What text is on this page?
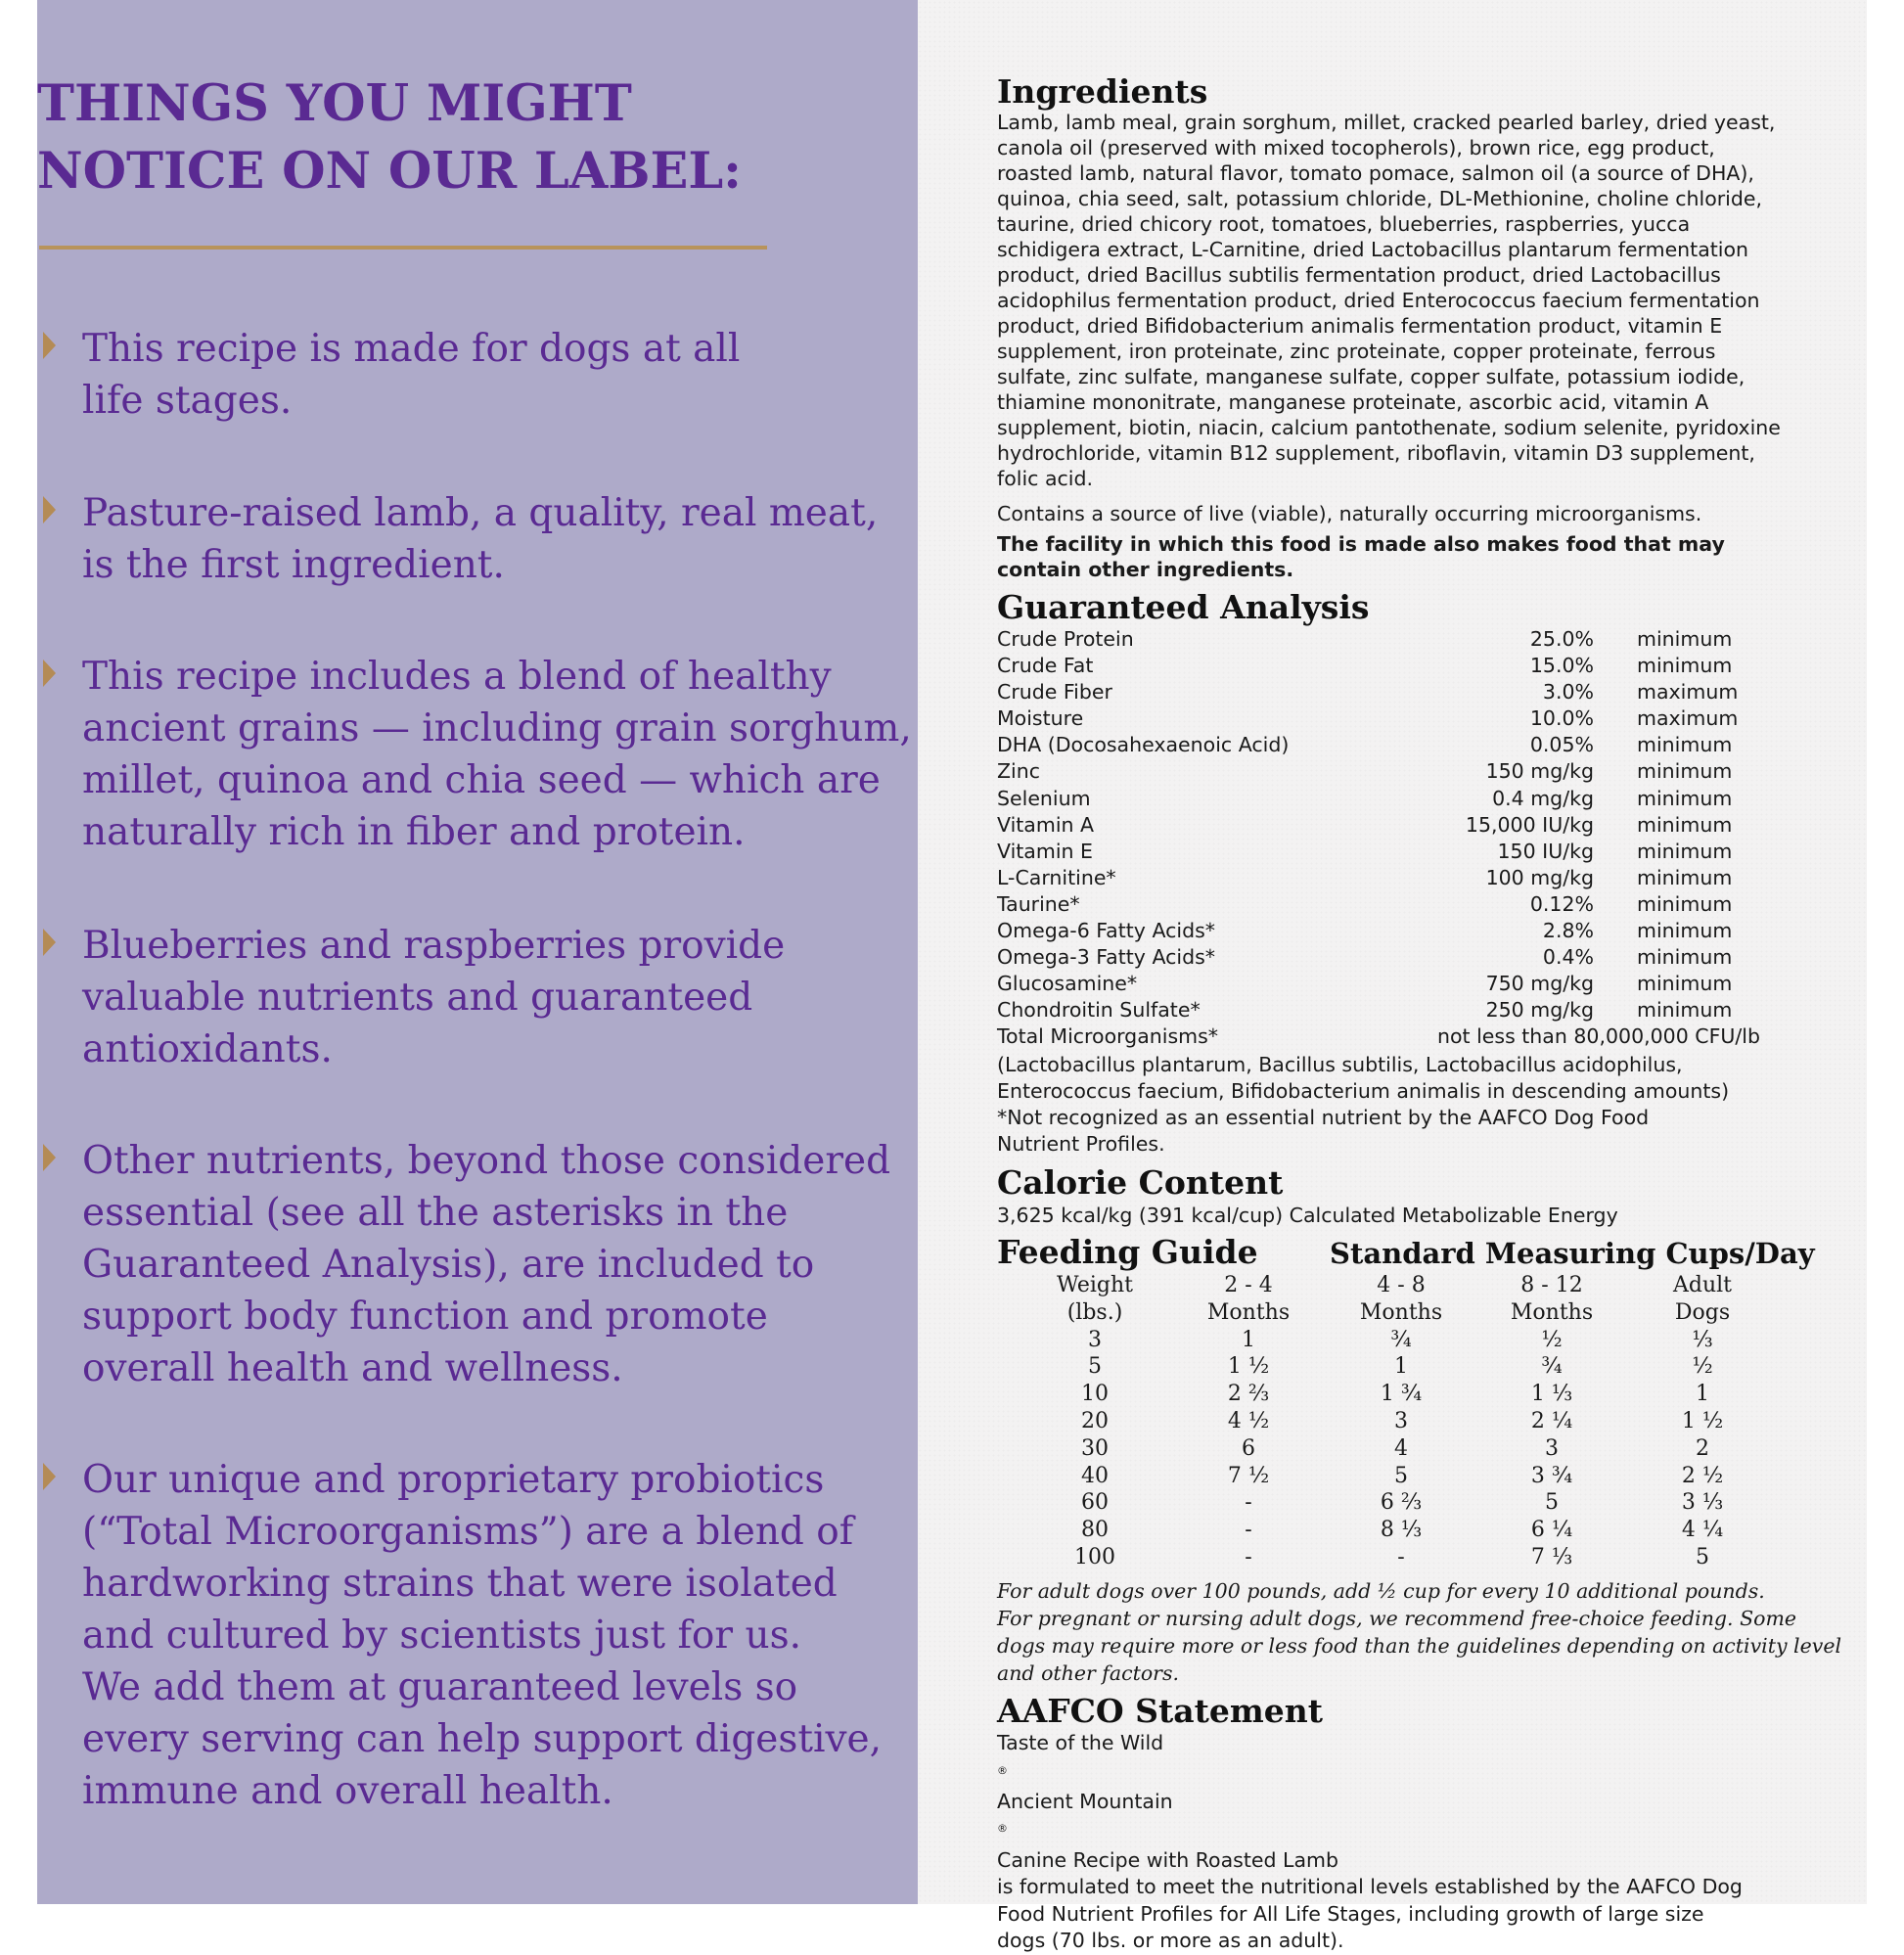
THINGS YOU MIGHT
NOTICE ON OUR LABEL:
This recipe is made for dogs at all
life stages.
Pasture-raised lamb, a quality, real meat,
is the first ingredient.
This recipe includes a blend of healthy
ancient grains — including grain sorghum,
millet, quinoa and chia seed — which are
naturally rich in fiber and protein.
Blueberries and raspberries provide
valuable nutrients and guaranteed
antioxidants.
Other nutrients, beyond those considered
essential (see all the asterisks in the
Guaranteed Analysis), are included to
support body function and promote
overall health and wellness.
Our unique and proprietary probiotics
(“Total Microorganisms”) are a blend of
hardworking strains that were isolated
and cultured by scientists just for us.
We add them at guaranteed levels so
every serving can help support digestive,
immune and overall health.
Ingredients
Lamb, lamb meal, grain sorghum, millet, cracked pearled barley, dried yeast,
canola oil (preserved with mixed tocopherols), brown rice, egg product,
roasted lamb, natural flavor, tomato pomace, salmon oil (a source of DHA),
quinoa, chia seed, salt, potassium chloride, DL-Methionine, choline chloride,
taurine, dried chicory root, tomatoes, blueberries, raspberries, yucca
schidigera extract, L-Carnitine, dried Lactobacillus plantarum fermentation
product, dried Bacillus subtilis fermentation product, dried Lactobacillus
acidophilus fermentation product, dried Enterococcus faecium fermentation
product, dried Bifidobacterium animalis fermentation product, vitamin E
supplement, iron proteinate, zinc proteinate, copper proteinate, ferrous
sulfate, zinc sulfate, manganese sulfate, copper sulfate, potassium iodide,
thiamine mononitrate, manganese proteinate, ascorbic acid, vitamin A
supplement, biotin, niacin, calcium pantothenate, sodium selenite, pyridoxine
hydrochloride, vitamin B12 supplement, riboflavin, vitamin D3 supplement,
folic acid.
Contains a source of live (viable), naturally occurring microorganisms.
The facility in which this food is made also makes food that may
contain other ingredients.
Guaranteed Analysis
Crude Protein	25.0% minimum
Crude Fat	15.0% minimum
Crude Fiber	3.0% maximum
Moisture	10.0% maximum
DHA (Docosahexaenoic Acid)	0.05% minimum
Zinc	150 mg/kg minimum
Selenium	0.4 mg/kg minimum
Vitamin A	15,000 IU/kg minimum
Vitamin E	150 IU/kg minimum
L-Carnitine*	100 mg/kg minimum
Taurine*	0.12% minimum
Omega-6 Fatty Acids*	2.8% minimum
Omega-3 Fatty Acids*	0.4% minimum
Glucosamine*	750 mg/kg minimum
Chondroitin Sulfate*	250 mg/kg minimum
Total Microorganisms*	not less than 80,000,000 CFU/lb
(Lactobacillus plantarum, Bacillus subtilis, Lactobacillus acidophilus,
Enterococcus faecium, Bifidobacterium animalis in descending amounts)
*Not recognized as an essential nutrient by the AAFCO Dog Food
Nutrient Profiles.
Calorie Content
3,625 kcal/kg (391 kcal/cup) Calculated Metabolizable Energy
Feeding Guide	Standard Measuring Cups/Day
Weight	2 - 4	4 - 8	8 - 12	Adult
(lbs.)	Months	Months	Months	Dogs
3	1	¾	½	⅓
5	1 ½	1	¾	½
10	2 ⅔	1 ¾	1 ⅓	1
20	4 ½	3	2 ¼	1 ½
30	6	4	3	2
40	7 ½	5	3 ¾	2 ½
60	-	6 ⅔	5	3 ⅓
80	-	8 ⅓	6 ¼	4 ¼
100	-	-	7 ⅓	5
For adult dogs over 100 pounds, add ½ cup for every 10 additional pounds.
For pregnant or nursing adult dogs, we recommend free-choice feeding. Some
dogs may require more or less food than the guidelines depending on activity level
and other factors.
AAFCO Statement
Taste of the Wild
®
Ancient Mountain
®
Canine Recipe with Roasted Lamb
is formulated to meet the nutritional levels established by the AAFCO Dog
Food Nutrient Profiles for All Life Stages, including growth of large size
dogs (70 lbs. or more as an adult).
